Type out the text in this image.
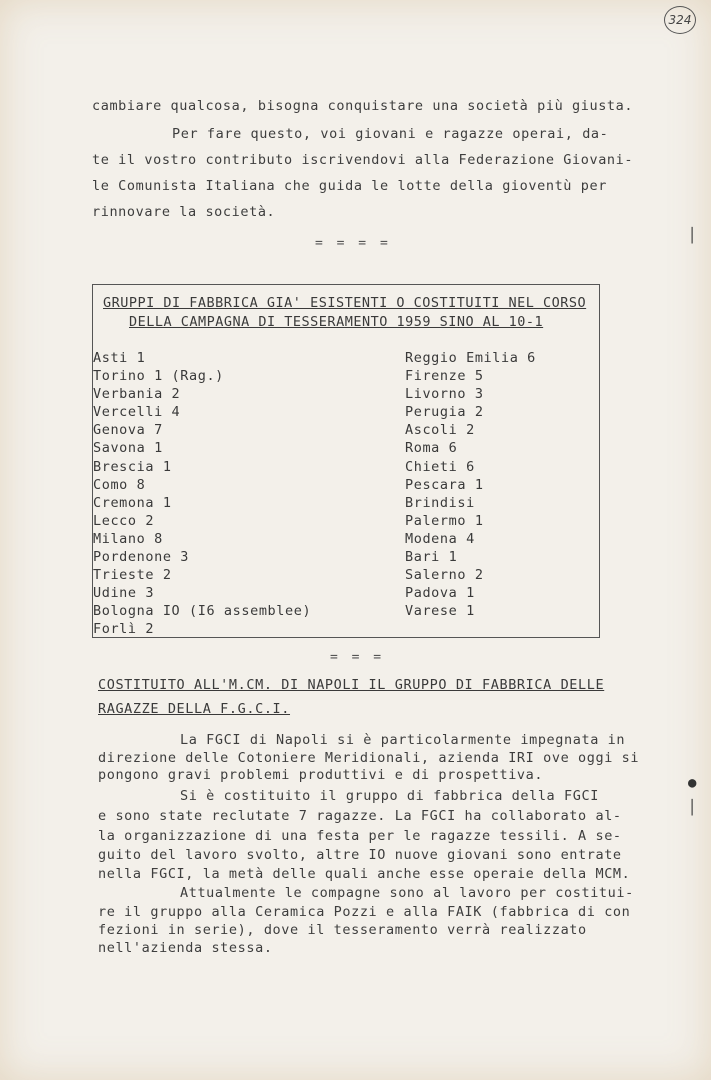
324
│
●
│
cambiare qualcosa, bisogna conquistare una società più giusta.
Per fare questo, voi giovani e ragazze operai, da-
te il vostro contributo iscrivendovi alla Federazione Giovani-
le Comunista Italiana che guida le lotte della gioventù per
rinnovare la società.
= = = =
GRUPPI DI FABBRICA GIA' ESISTENTI O COSTITUITI NEL CORSO
DELLA CAMPAGNA DI TESSERAMENTO 1959 SINO AL 10-1
Asti 1
Torino 1 (Rag.)
Verbania 2
Vercelli 4
Genova 7
Savona 1
Brescia 1
Como 8
Cremona 1
Lecco 2
Milano 8
Pordenone 3
Trieste 2
Udine 3
Bologna IO (I6 assemblee)
Forlì 2
Reggio Emilia 6
Firenze 5
Livorno 3
Perugia 2
Ascoli 2
Roma 6
Chieti 6
Pescara 1
Brindisi
Palermo 1
Modena 4
Bari 1
Salerno 2
Padova 1
Varese 1
= = =
COSTITUITO ALL'M.CM. DI NAPOLI IL GRUPPO DI FABBRICA DELLE
RAGAZZE DELLA F.G.C.I.
La FGCI di Napoli si è particolarmente impegnata in
direzione delle Cotoniere Meridionali, azienda IRI ove oggi si
pongono gravi problemi produttivi e di prospettiva.
Si è costituito il gruppo di fabbrica della FGCI
e sono state reclutate 7 ragazze. La FGCI ha collaborato al-
la organizzazione di una festa per le ragazze tessili. A se-
guito del lavoro svolto, altre IO nuove giovani sono entrate
nella FGCI, la metà delle quali anche esse operaie della MCM.
Attualmente le compagne sono al lavoro per costitui-
re il gruppo alla Ceramica Pozzi e alla FAIK (fabbrica di con
fezioni in serie), dove il tesseramento verrà realizzato
nell'azienda stessa.
